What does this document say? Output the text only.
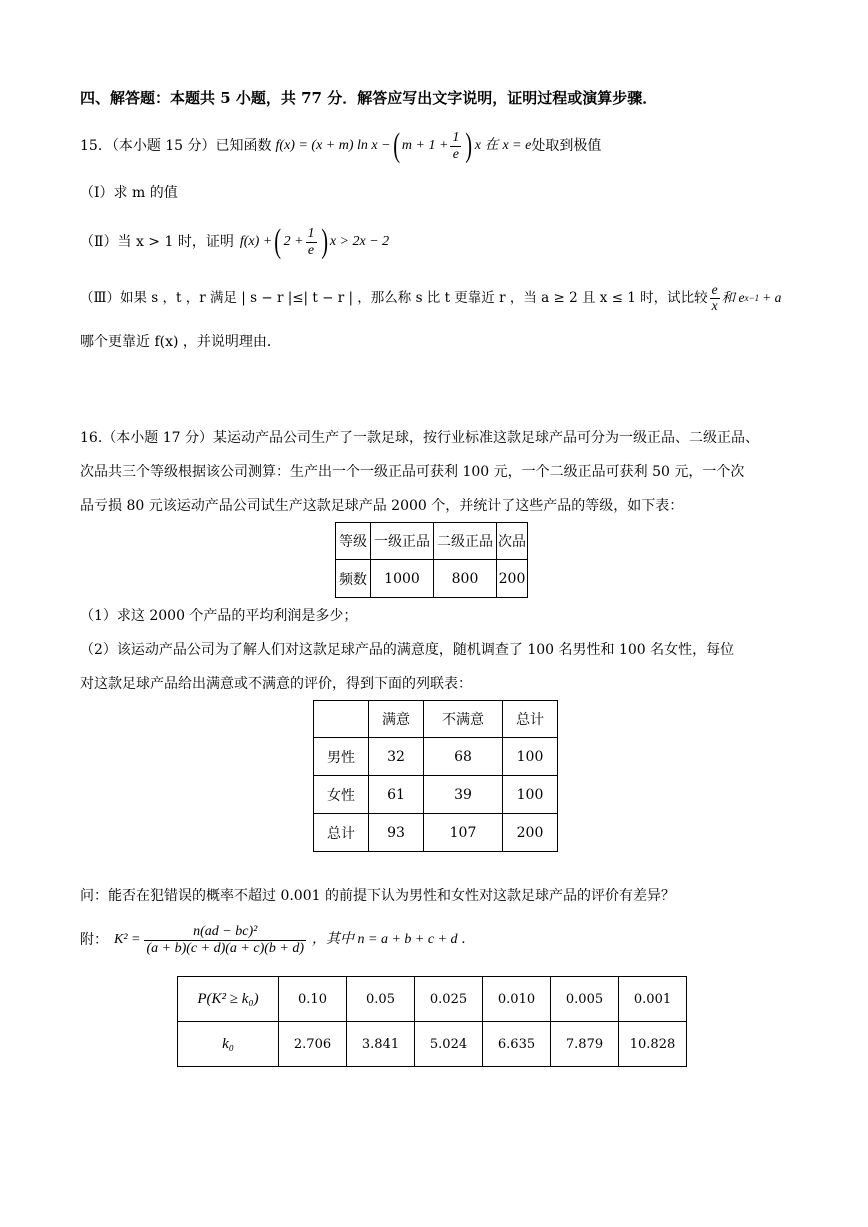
四、解答题：本题共 5 小题，共 77 分．解答应写出文字说明，证明过程或演算步骤．
15．（本小题 15 分）已知函数 f(x) = (x + m) ln x − ( $m + 1 + \frac{1}{e}$ ) x 在 x = e 处取到极值
（Ⅰ）求 m 的值
（Ⅱ）当 x > 1 时，证明 f(x) + ( $2 + \frac{1}{e}$ ) x > 2x − 2
（Ⅲ）如果 s ，t ，r 满足 | s − r |≤| t − r | ，那么称 s 比 t 更靠近 r ，当 a ≥ 2 且 x ≤ 1 时，试比较 $\frac{e}{x}$ 和 e x−1 + a
哪个更靠近 f(x) ，并说明理由．
16.（本小题 17 分）某运动产品公司生产了一款足球，按行业标准这款足球产品可分为一级正品、二级正品、
次品共三个等级根据该公司测算：生产出一个一级正品可获利 100 元，一个二级正品可获利 50 元，一个次
品亏损 80 元该运动产品公司试生产这款足球产品 2000 个，并统计了这些产品的等级，如下表：
等级	一级正品	二级正品	次品
频数	1000	800	200
（1）求这 2000 个产品的平均利润是多少；
（2）该运动产品公司为了解人们对这款足球产品的满意度，随机调查了 100 名男性和 100 名女性，每位
对这款足球产品给出满意或不满意的评价，得到下面的列联表：
	满意	不满意	总计
男性	32	68	100
女性	61	39	100
总计	93	107	200
问：能否在犯错误的概率不超过 0.001 的前提下认为男性和女性对这款足球产品的评价有差异？
附： $K^2 = \frac{\text{n(ad − bc)²}}{(a + b)(c + d)(a + c)(b + d)}$ ，其中 n = a + b + c + d ．
P(K² ≥ k₀)	0.10	0.05	0.025	0.010	0.005	0.001
k₀	2.706	3.841	5.024	6.635	7.879	10.828
